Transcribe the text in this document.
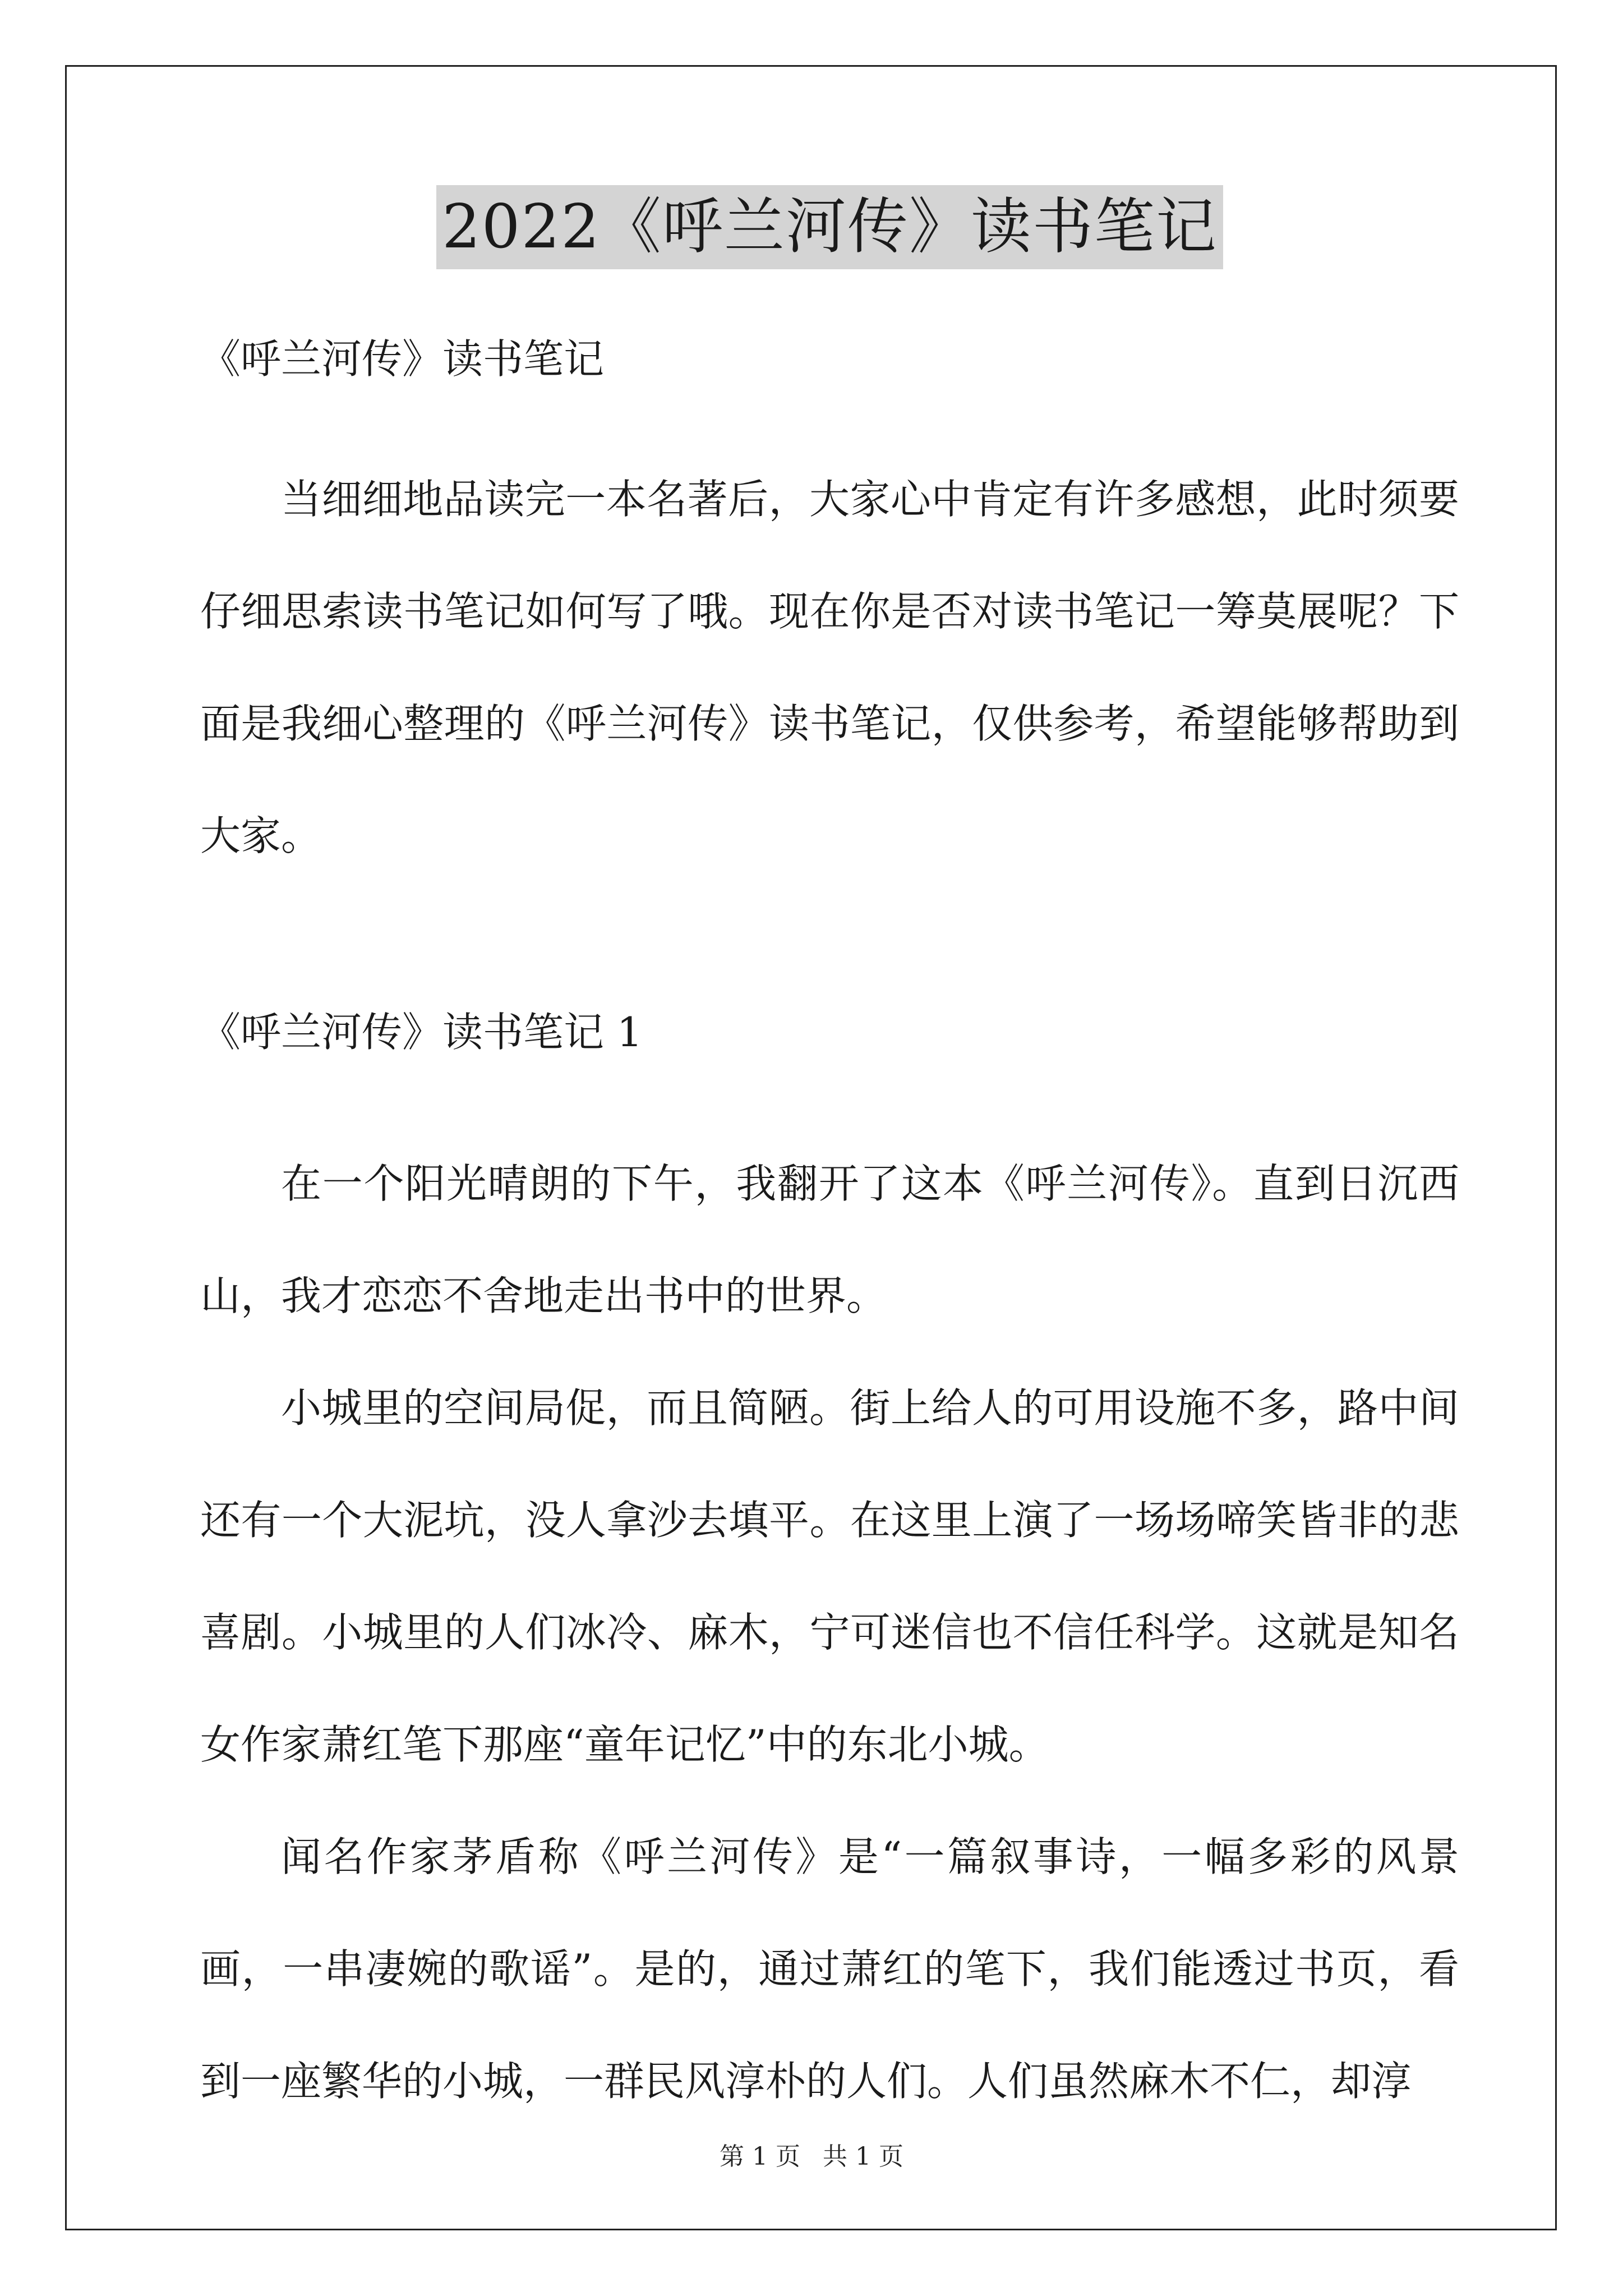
2022《呼兰河传》读书笔记
《呼兰河传》读书笔记

当细细地品读完一本名著后，大家心中肯定有许多感想，此时须要仔细思索读书笔记如何写了哦。现在你是否对读书笔记一筹莫展呢？下面是我细心整理的《呼兰河传》读书笔记，仅供参考，希望能够帮助到大家。

《呼兰河传》读书笔记 1

在一个阳光晴朗的下午，我翻开了这本《呼兰河传》。直到日沉西山，我才恋恋不舍地走出书中的世界。

小城里的空间局促，而且简陋。街上给人的可用设施不多，路中间还有一个大泥坑，没人拿沙去填平。在这里上演了一场场啼笑皆非的悲喜剧。小城里的人们冰冷、麻木，宁可迷信也不信任科学。这就是知名女作家萧红笔下那座“童年记忆”中的东北小城。

闻名作家茅盾称《呼兰河传》是“一篇叙事诗，一幅多彩的风景画，一串凄婉的歌谣”。是的，通过萧红的笔下，我们能透过书页，看到一座繁华的小城，一群民风淳朴的人们。人们虽然麻木不仁，却淳

第 1 页 共 1 页
